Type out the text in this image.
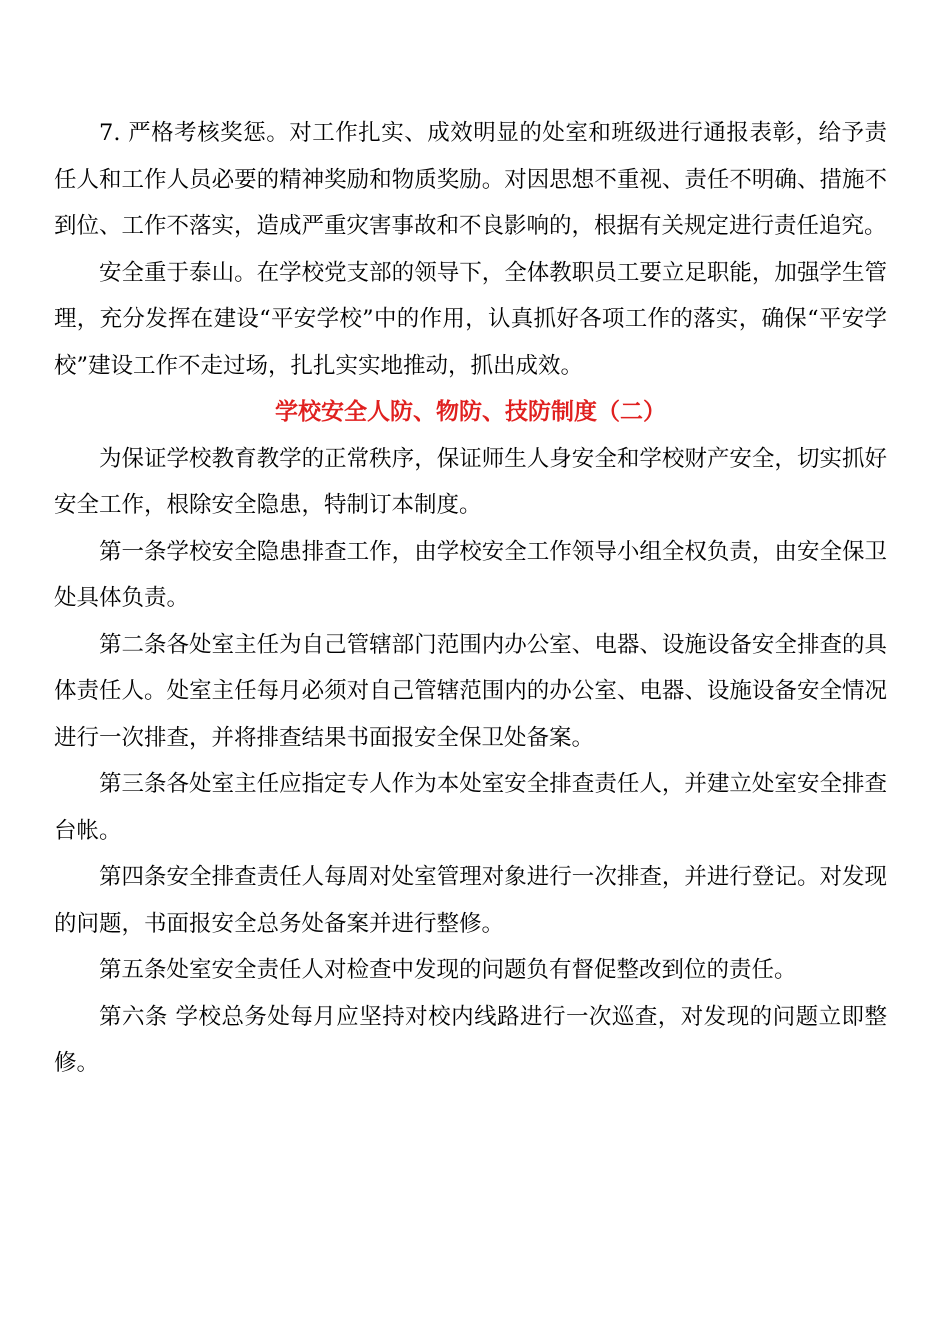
7. 严格考核奖惩。对工作扎实、成效明显的处室和班级进行通报表彰，给予责任人和工作人员必要的精神奖励和物质奖励。对因思想不重视、责任不明确、措施不到位、工作不落实，造成严重灾害事故和不良影响的，根据有关规定进行责任追究。

安全重于泰山。在学校党支部的领导下，全体教职员工要立足职能，加强学生管理，充分发挥在建设“平安学校”中的作用，认真抓好各项工作的落实，确保“平安学校”建设工作不走过场，扎扎实实地推动，抓出成效。

学校安全人防、物防、技防制度（二）

为保证学校教育教学的正常秩序，保证师生人身安全和学校财产安全，切实抓好安全工作，根除安全隐患，特制订本制度。

第一条学校安全隐患排查工作，由学校安全工作领导小组全权负责，由安全保卫处具体负责。

第二条各处室主任为自己管辖部门范围内办公室、电器、设施设备安全排查的具体责任人。处室主任每月必须对自己管辖范围内的办公室、电器、设施设备安全情况进行一次排查，并将排查结果书面报安全保卫处备案。

第三条各处室主任应指定专人作为本处室安全排查责任人，并建立处室安全排查台帐。

第四条安全排查责任人每周对处室管理对象进行一次排查，并进行登记。对发现的问题，书面报安全总务处备案并进行整修。

第五条处室安全责任人对检查中发现的问题负有督促整改到位的责任。

第六条 学校总务处每月应坚持对校内线路进行一次巡查，对发现的问题立即整修。
